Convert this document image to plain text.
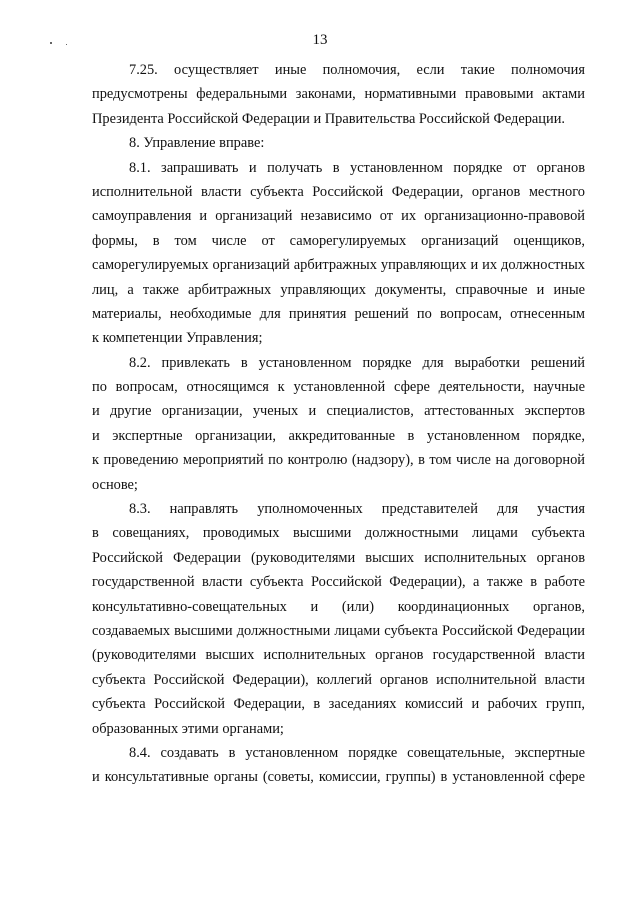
13
7.25. осуществляет иные полномочия, если такие полномочия
предусмотрены федеральными законами, нормативными правовыми актами
Президента Российской Федерации и Правительства Российской Федерации.
8. Управление вправе:
8.1. запрашивать и получать в установленном порядке от органов
исполнительной власти субъекта Российской Федерации, органов местного
самоуправления и организаций независимо от их организационно-правовой
формы, в том числе от саморегулируемых организаций оценщиков,
саморегулируемых организаций арбитражных управляющих и их должностных
лиц, а также арбитражных управляющих документы, справочные и иные
материалы, необходимые для принятия решений по вопросам, отнесенным
к компетенции Управления;
8.2. привлекать в установленном порядке для выработки решений
по вопросам, относящимся к установленной сфере деятельности, научные
и другие организации, ученых и специалистов, аттестованных экспертов
и экспертные организации, аккредитованные в установленном порядке,
к проведению мероприятий по контролю (надзору), в том числе на договорной
основе;
8.3. направлять уполномоченных представителей для участия
в совещаниях, проводимых высшими должностными лицами субъекта
Российской Федерации (руководителями высших исполнительных органов
государственной власти субъекта Российской Федерации), а также в работе
консультативно-совещательных и (или) координационных органов,
создаваемых высшими должностными лицами субъекта Российской Федерации
(руководителями высших исполнительных органов государственной власти
субъекта Российской Федерации), коллегий органов исполнительной власти
субъекта Российской Федерации, в заседаниях комиссий и рабочих групп,
образованных этими органами;
8.4. создавать в установленном порядке совещательные, экспертные
и консультативные органы (советы, комиссии, группы) в установленной сфере
